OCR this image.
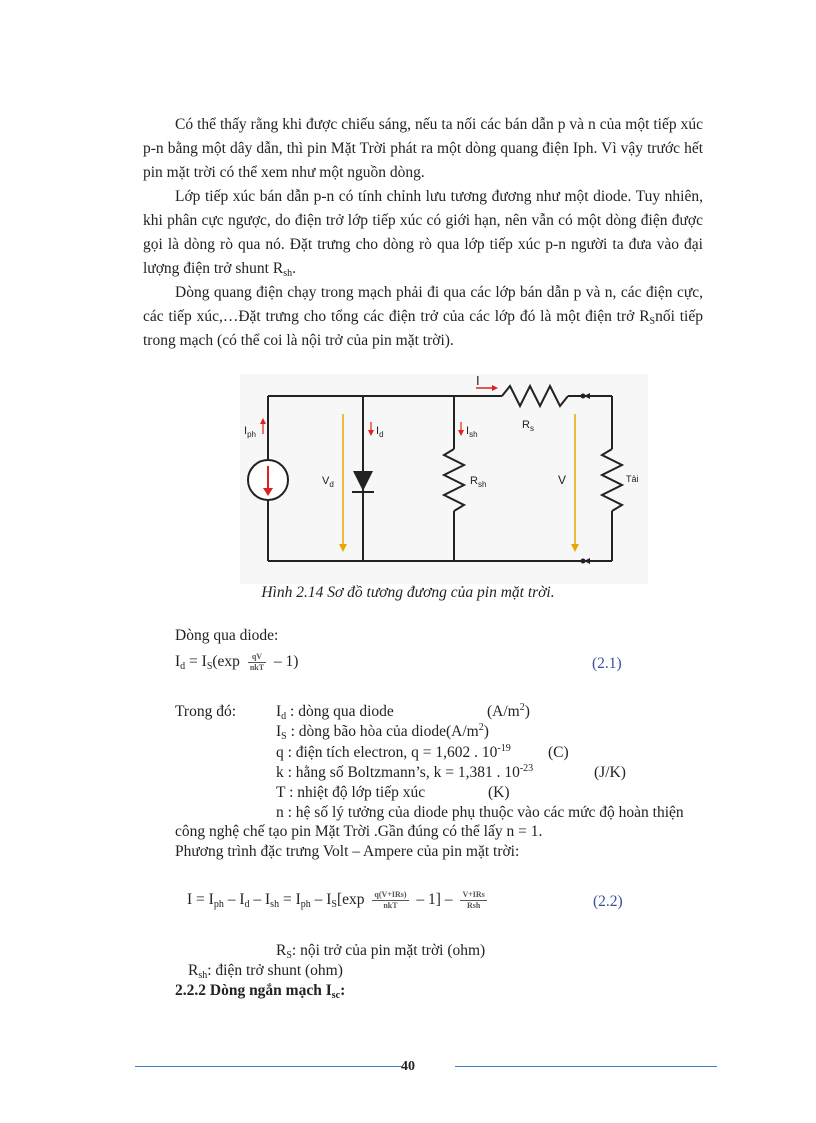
Có thể thấy rằng khi được chiếu sáng, nếu ta nối các bán dẫn p và n của một tiếp xúc p-n bằng một dây dẫn, thì pin Mặt Trời phát ra một dòng quang điện Iph. Vì vậy trước hết pin mặt trời có thể xem như một nguồn dòng.

Lớp tiếp xúc bán dẫn p-n có tính chỉnh lưu tương đương như một diode. Tuy nhiên, khi phân cực ngược, do điện trở lớp tiếp xúc có giới hạn, nên vẫn có một dòng điện được gọi là dòng rò qua nó. Đặt trưng cho dòng rò qua lớp tiếp xúc p-n người ta đưa vào đại lượng điện trở shunt $R_{sh}$.

Dòng quang điện chạy trong mạch phải đi qua các lớp bán dẫn p và n, các điện cực, các tiếp xúc,…Đặt trưng cho tổng các điện trở của các lớp đó là một điện trở $R_Snối$ tiếp trong mạch (có thể coi là nội trở của pin mặt trời).

I
$I_{ph}$	$I_d$	$I_{sh}$
$R_s$
$V_d$	$R_{sh}$	V	Tải
Hình 2.14 Sơ đồ tương đương của pin mặt trời.
Dòng qua diode:
$I_d = I_S(\exp \frac{qV}{\text{nkT}} - 1)$	(2.1)
Trong đó:	$I_d$ : dòng qua diode	$(A/m^2)$
$I_S$ : dòng bão hòa của $diode(A/m^2)$
q : điện tích electron, q = 1,602 . $10^{-19}$ (C)
k : hằng số Boltzmann’s, k = 1,381 . $10^{-23}$	(J/K)
T : nhiệt độ lớp tiếp xúc	(K)
n : hệ số lý tưởng của diode phụ thuộc vào các mức độ hoàn thiện
công nghệ chế tạo pin Mặt Trời .Gần đúng có thể lấy n = 1.
Phương trình đặc trưng Volt – Ampere của pin mặt trời:
$I = I_{ph} - I_d - I_{sh} = I_{ph} - I_S[\exp \frac{\text{q(V+IRs)}}{\text{nkT}} - 1] - \frac{\text{V+IRs}}{\text{Rsh}}$	(2.2)
$R_S$: nội trở của pin mặt trời (ohm)
$R_{sh}$: điện trở shunt (ohm)
2.2.2 Dòng ngắn mạch $I_{sc}$:
40
